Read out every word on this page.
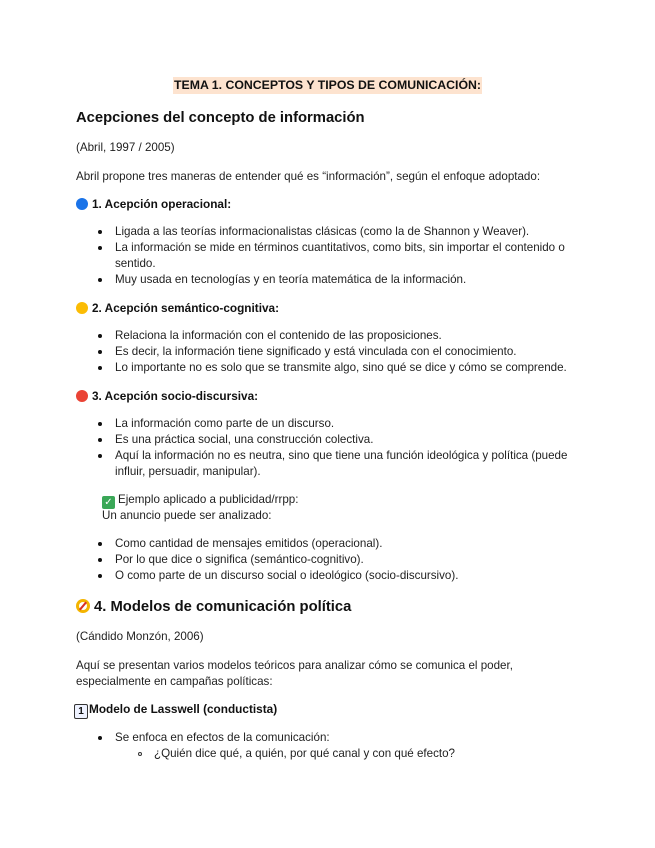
TEMA 1. CONCEPTOS Y TIPOS DE COMUNICACIÓN:
Acepciones del concepto de información
(Abril, 1997 / 2005)
Abril propone tres maneras de entender qué es “información”, según el enfoque adoptado:
1. Acepción operacional:
Ligada a las teorías informacionalistas clásicas (como la de Shannon y Weaver).
La información se mide en términos cuantitativos, como bits, sin importar el contenido o
sentido.
Muy usada en tecnologías y en teoría matemática de la información.
2. Acepción semántico-cognitiva:
Relaciona la información con el contenido de las proposiciones.
Es decir, la información tiene significado y está vinculada con el conocimiento.
Lo importante no es solo que se transmite algo, sino qué se dice y cómo se comprende.
3. Acepción socio-discursiva:
La información como parte de un discurso.
Es una práctica social, una construcción colectiva.
Aquí la información no es neutra, sino que tiene una función ideológica y política (puede
influir, persuadir, manipular).
✓ Ejemplo aplicado a publicidad/rrpp:
Un anuncio puede ser analizado:
Como cantidad de mensajes emitidos (operacional).
Por lo que dice o significa (semántico-cognitivo).
O como parte de un discurso social o ideológico (socio-discursivo).
4. Modelos de comunicación política
(Cándido Monzón, 2006)
Aquí se presentan varios modelos teóricos para analizar cómo se comunica el poder,
especialmente en campañas políticas:
1 Modelo de Lasswell (conductista)
Se enfoca en efectos de la comunicación:
¿Quién dice qué, a quién, por qué canal y con qué efecto?
